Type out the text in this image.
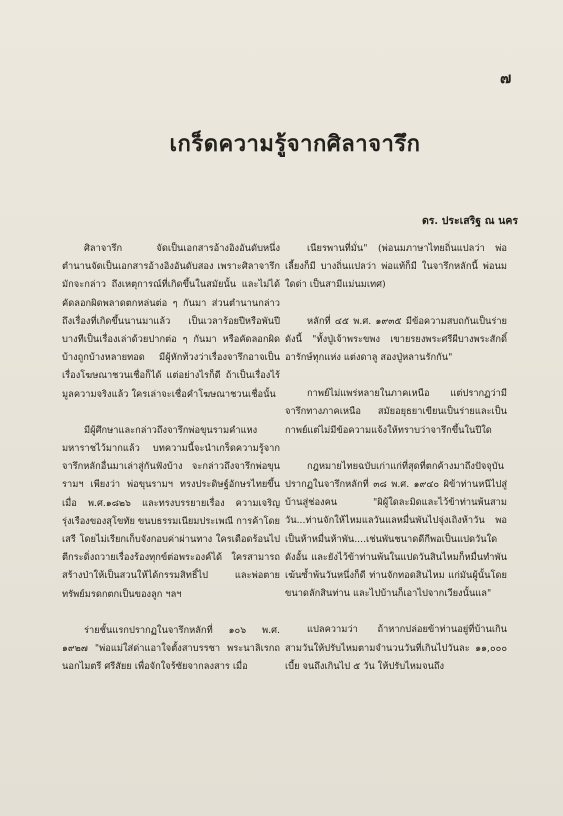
๗
เกร็ดความรู้จากศิลาจารึก
ดร. ประเสริฐ ณ นคร

ศิลาจารึก จัดเป็นเอกสารอ้างอิงอันดับหนึ่ง ตำนานจัดเป็นเอกสารอ้างอิงอันดับสอง เพราะศิลาจารึกมักจะกล่าว ถึงเหตุการณ์ที่เกิดขึ้นในสมัยนั้น และไม่ได้คัดลอกผิดพลาดตกหล่นต่อ ๆ กันมา ส่วนตำนานกล่าวถึงเรื่องที่เกิดขึ้นนานมาแล้ว เป็นเวลาร้อยปีหรือพันปี บางทีเป็นเรื่องเล่าด้วยปากต่อ ๆ กันมา หรือคัดลอกผิดบ้างถูกบ้างหลายทอด มีผู้หักท้วงว่าเรื่องจารึกอาจเป็นเรื่องโฆษณาชวนเชื่อก็ได้ แต่อย่างไรก็ดี ถ้าเป็นเรื่องไร้มูลความจริงแล้ว ใครเล่าจะเชื่อคำโฆษณาชวนเชื่อนั้น

มีผู้ศึกษาและกล่าวถึงจารึกพ่อขุนรามคำแหงมหาราชไว้มากแล้ว บทความนี้จะนำเกร็ดความรู้จากจารึกหลักอื่นมาเล่าสู่กันฟังบ้าง จะกล่าวถึงจารึกพ่อขุนรามฯ เพียงว่า พ่อขุนรามฯ ทรงประดิษฐ์อักษรไทยขึ้นเมื่อ พ.ศ.๑๘๒๖ และทรงบรรยายเรื่อง ความเจริญรุ่งเรืองของสุโขทัย ขนบธรรมเนียมประเพณี การค้าโดยเสรี โดยไม่เรียกเก็บจังกอบค่าผ่านทาง ใครเดือดร้อนไปตีกระดิ่งถวายเรื่องร้องทุกข์ต่อพระองค์ได้ ใครสามารถสร้างป่าให้เป็นสวนให้ได้กรรมสิทธิ์ไป และพ่อตาย ทรัพย์มรดกตกเป็นของลูก ฯลฯ

ร่ายชั้นแรกปรากฏในจารึกหลักที่ ๑๐๖ พ.ศ. ๑๙๒๗ "พ่อแม่ใส่ด่าแอาใจตั้งสาบรรชา พระนาลิเรกถนอกไมตรี ศรีสัยย เพื่อจักใจร้ซัยจากลงสาร เมื่อ

เนียรพานที่มั่น" (พ่อนมภาษาไทยถิ่นแปลว่า พ่อเลี้ยงก็มี บางถิ่นแปลว่า พ่อแท้ก็มี ในจารึกหลักนี้ พ่อนมใดด่า เป็นสามีแม่นมเทศ)

หลักที่ ๔๕ พ.ศ. ๑๙๓๕ มีข้อความสบถกันเป็นร่ายดังนี้ "ทั้งปู่เจ้าพระขพง เขายรยงพระศรีผีบางพระสักดิ์ อารักษ์ทุกแห่ง แต่งดาลู สองปู่หลานรักกัน"

กาพย์ไม่แพร่หลายในภาคเหนือ แต่ปรากฏว่ามีจารึกทางภาคเหนือ สมัยอยุธยาเขียนเป็นร่ายและเป็นกาพย์แต่ไม่มีข้อความแจ้งให้ทราบว่าจารึกขึ้นในปีใด

กฎหมายไทยฉบับเก่าแก่ที่สุดที่ตกค้างมาถึงปัจจุบัน ปรากฏในจารึกหลักที่ ๓๘ พ.ศ. ๑๙๔๐ ผิข้าท่านหนีไปสู่บ้านสู่ช่องคน "ผิผู้ใดละมิดและไว้ข้าท่านพ้นสามวัน...ท่านจักให้ไหมแลวันแลหมื่นพันไปจุ่งเถิงห้าวัน พอเป็นห้าหมื่นห้าพัน....เช่นพันชนาดดีกีพอเป็นแปดวันใดดังอั้น และยังไว้ข้าท่านพ้นในแปดวันสินไหมก็หมื่นทำพัน เฆ้นซ้ำพ้นวันหนึ่งก็ดี ท่านจักทอดสินไหม แก่มันผู้นั้นโดยขนาดลักสินท่าน และไปบ้านก็เอาไปจากเวียงนั้นแล"

แปลความว่า ถ้าหากปล่อยข้าท่านอยู่ที่บ้านเกินสามวันให้ปรับไหมตามจำนวนวันที่เกินไปวันละ ๑๑,๐๐๐ เบี้ย จนถึงเกินไป ๕ วัน ให้ปรับไหมจนถึง
